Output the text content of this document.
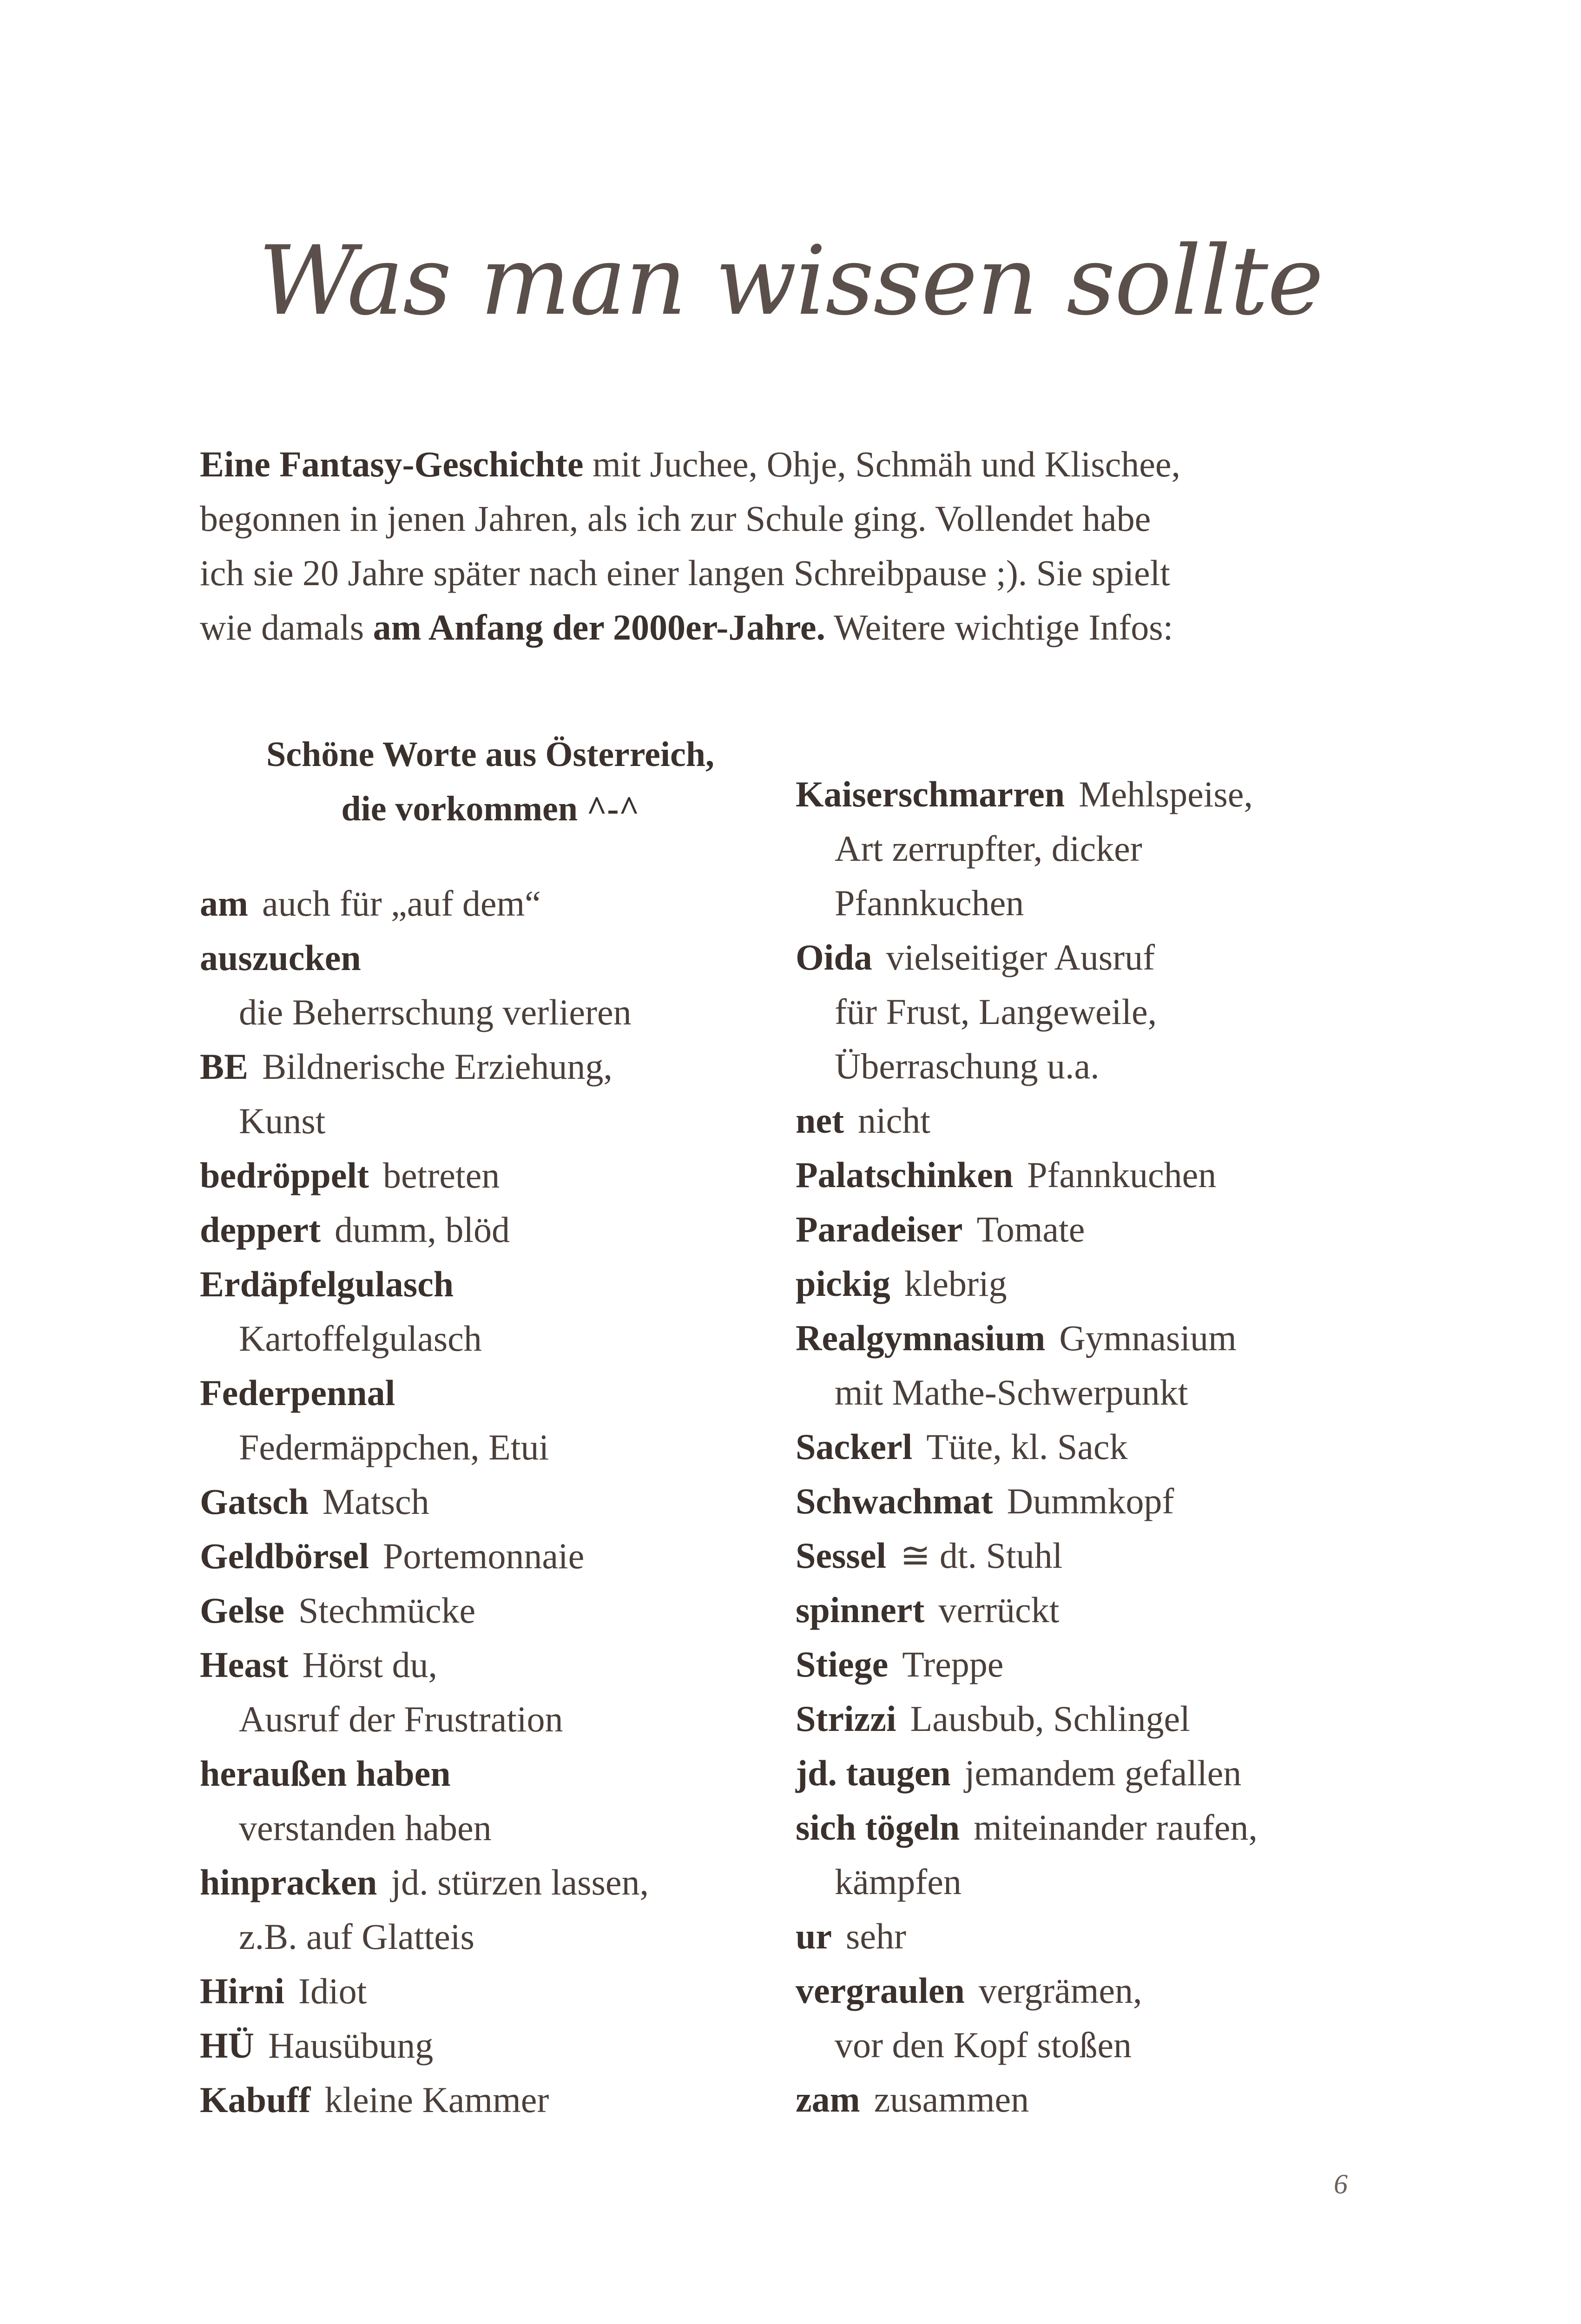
Was man wissen sollte
Eine Fantasy-Geschichte mit Juchee, Ohje, Schmäh und Klischee,
begonnen in jenen Jahren, als ich zur Schule ging. Vollendet habe
ich sie 20 Jahre später nach einer langen Schreibpause ;). Sie spielt
wie damals am Anfang der 2000er-Jahre. Weitere wichtige Infos:
Schöne Worte aus Österreich,
die vorkommen ^-^
am auch für „auf dem“
auszucken
die Beherrschung verlieren
BE Bildnerische Erziehung,
Kunst
bedröppelt betreten
deppert dumm, blöd
Erdäpfelgulasch
Kartoffelgulasch
Federpennal
Federmäppchen, Etui
Gatsch Matsch
Geldbörsel Portemonnaie
Gelse Stechmücke
Heast Hörst du,
Ausruf der Frustration
heraußen haben
verstanden haben
hinpracken jd. stürzen lassen,
z.B. auf Glatteis
Hirni Idiot
HÜ Hausübung
Kabuff kleine Kammer
Kaiserschmarren Mehlspeise,
Art zerrupfter, dicker
Pfannkuchen
Oida vielseitiger Ausruf
für Frust, Langeweile,
Überraschung u.a.
net nicht
Palatschinken Pfannkuchen
Paradeiser Tomate
pickig klebrig
Realgymnasium Gymnasium
mit Mathe-Schwerpunkt
Sackerl Tüte, kl. Sack
Schwachmat Dummkopf
Sessel ≅ dt. Stuhl
spinnert verrückt
Stiege Treppe
Strizzi Lausbub, Schlingel
jd. taugen jemandem gefallen
sich tögeln miteinander raufen,
kämpfen
ur sehr
vergraulen vergrämen,
vor den Kopf stoßen
zam zusammen
6
